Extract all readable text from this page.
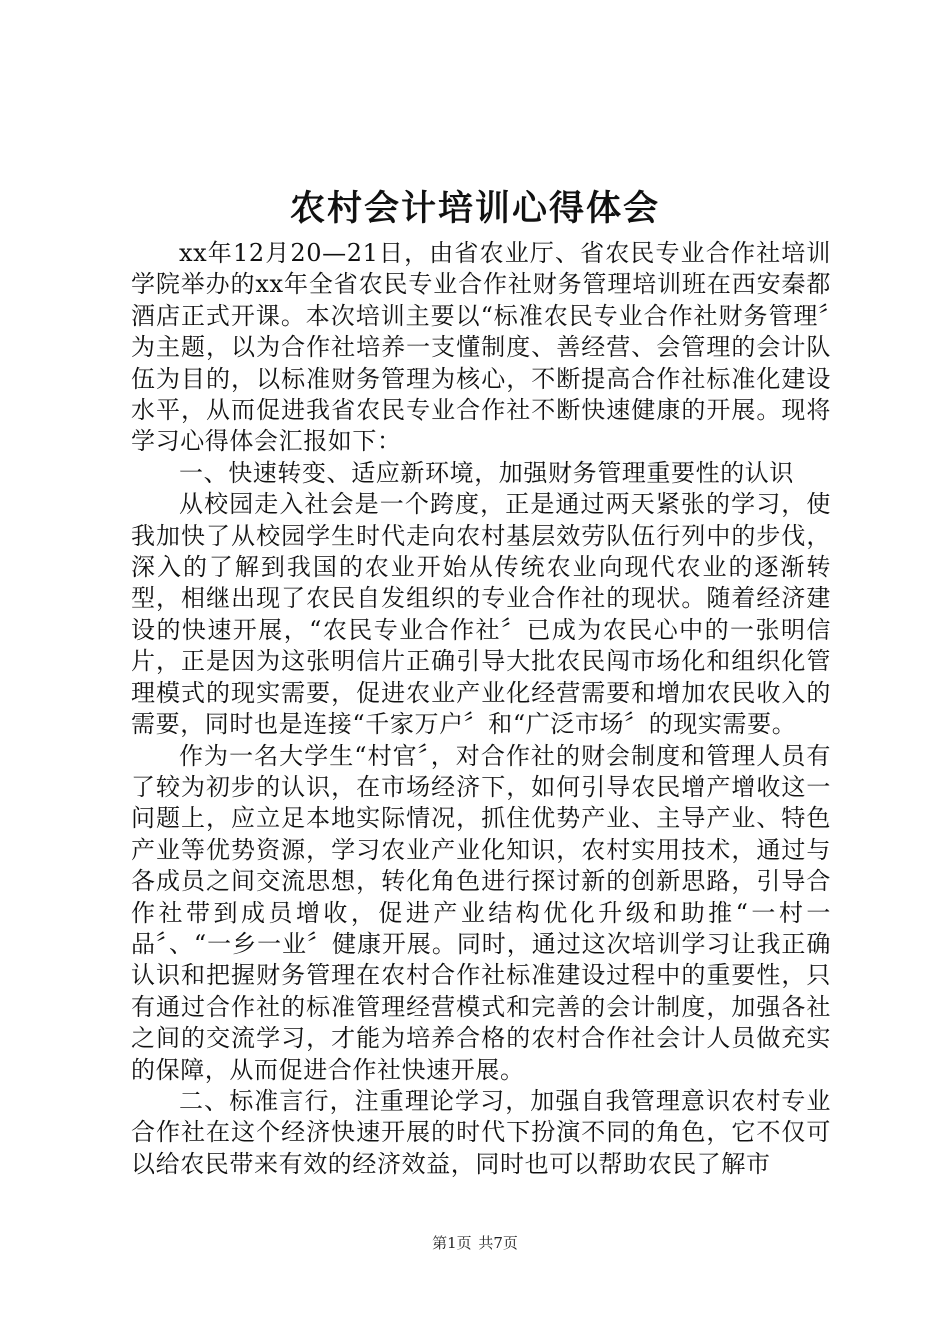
农村会计培训心得体会

xx年12月20—21日，由省农业厅、省农民专业合作社培训学院举办的xx年全省农民专业合作社财务管理培训班在西安秦都酒店正式开课。本次培训主要以“标准农民专业合作社财务管理〞为主题，以为合作社培养一支懂制度、善经营、会管理的会计队伍为目的，以标准财务管理为核心，不断提高合作社标准化建设水平，从而促进我省农民专业合作社不断快速健康的开展。现将学习心得体会汇报如下：

一、快速转变、适应新环境，加强财务管理重要性的认识

从校园走入社会是一个跨度，正是通过两天紧张的学习，使我加快了从校园学生时代走向农村基层效劳队伍行列中的步伐，深入的了解到我国的农业开始从传统农业向现代农业的逐渐转型，相继出现了农民自发组织的专业合作社的现状。随着经济建设的快速开展，“农民专业合作社〞已成为农民心中的一张明信片，正是因为这张明信片正确引导大批农民闯市场化和组织化管理模式的现实需要，促进农业产业化经营需要和增加农民收入的需要，同时也是连接“千家万户〞和“广泛市场〞的现实需要。

作为一名大学生“村官〞，对合作社的财会制度和管理人员有了较为初步的认识，在市场经济下，如何引导农民增产增收这一问题上，应立足本地实际情况，抓住优势产业、主导产业、特色产业等优势资源，学习农业产业化知识，农村实用技术，通过与各成员之间交流思想，转化角色进行探讨新的创新思路，引导合作社带到成员增收，促进产业结构优化升级和助推“一村一品〞、“一乡一业〞健康开展。同时，通过这次培训学习让我正确认识和把握财务管理在农村合作社标准建设过程中的重要性，只有通过合作社的标准管理经营模式和完善的会计制度，加强各社之间的交流学习，才能为培养合格的农村合作社会计人员做充实的保障，从而促进合作社快速开展。

二、标准言行，注重理论学习，加强自我管理意识农村专业合作社在这个经济快速开展的时代下扮演不同的角色，它不仅可以给农民带来有效的经济效益，同时也可以帮助农民了解市

第1页 共7页
